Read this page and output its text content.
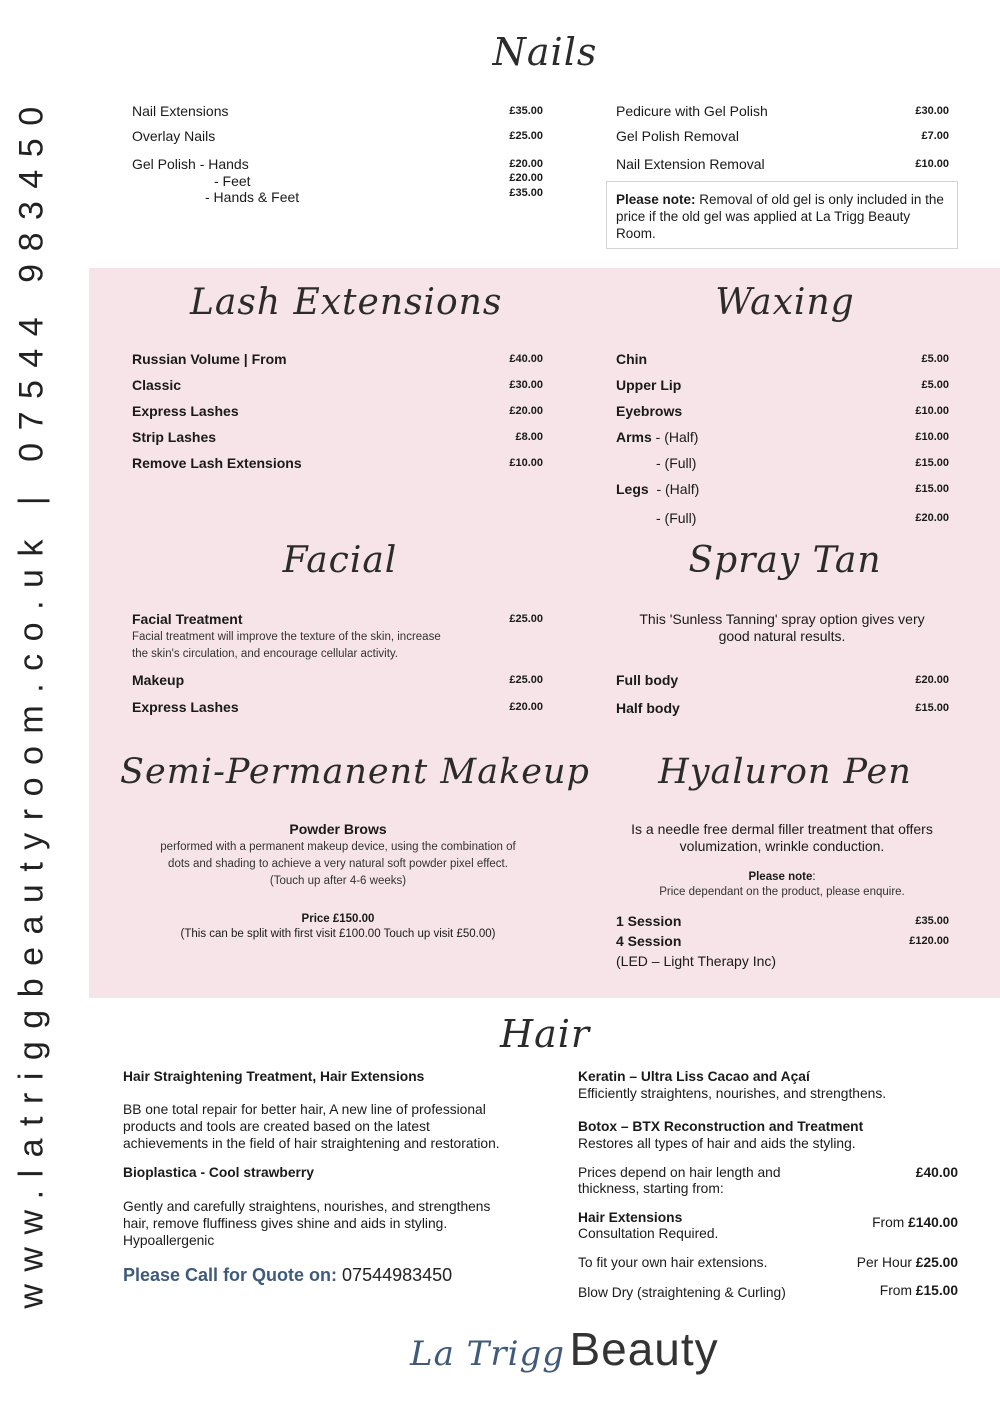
www.latriggbeautyroom.co.uk | 07544 983450
Nails
Nail Extensions	£35.00
Overlay Nails	£25.00
Gel Polish - Hands	£20.00
- Feet	£20.00
- Hands & Feet	£35.00
Pedicure with Gel Polish	£30.00
Gel Polish Removal	£7.00
Nail Extension Removal	£10.00
Please note: Removal of old gel is only included in the price if the old gel was applied at La Trigg Beauty Room.
Lash Extensions
Russian Volume | From	£40.00
Classic	£30.00
Express Lashes	£20.00
Strip Lashes	£8.00
Remove Lash Extensions	£10.00
Waxing
Chin	£5.00
Upper Lip	£5.00
Eyebrows	£10.00
Arms - (Half)	£10.00
- (Full)	£15.00
Legs  - (Half)	£15.00
- (Full)	£20.00
Facial
Facial Treatment	£25.00
Facial treatment will improve the texture of the skin, increase
the skin's circulation, and encourage cellular activity.
Makeup	£25.00
Express Lashes	£20.00
Spray Tan
This 'Sunless Tanning' spray option gives very
good natural results.
Full body	£20.00
Half body	£15.00
Semi-Permanent Makeup
Powder Brows
performed with a permanent makeup device, using the combination of
dots and shading to achieve a very natural soft powder pixel effect.
(Touch up after 4-6 weeks)
Price £150.00
(This can be split with first visit £100.00 Touch up visit £50.00)
Hyaluron Pen
Is a needle free dermal filler treatment that offers
volumization, wrinkle conduction.
Please note:
Price dependant on the product, please enquire.
1 Session	£35.00
4 Session	£120.00
(LED – Light Therapy Inc)
Hair
Hair Straightening Treatment, Hair Extensions
BB one total repair for better hair, A new line of professional
products and tools are created based on the latest
achievements in the field of hair straightening and restoration.
Bioplastica - Cool strawberry
Gently and carefully straightens, nourishes, and strengthens
hair, remove fluffiness gives shine and aids in styling.
Hypoallergenic
Please Call for Quote on: 07544983450
Keratin – Ultra Liss Cacao and Açaí
Efficiently straightens, nourishes, and strengthens.
Botox – BTX Reconstruction and Treatment
Restores all types of hair and aids the styling.
Prices depend on hair length and
thickness, starting from:
£40.00
Hair Extensions
Consultation Required.
From £140.00
To fit your own hair extensions.	Per Hour £25.00
Blow Dry (straightening & Curling)	From £15.00
La Trigg Beauty
